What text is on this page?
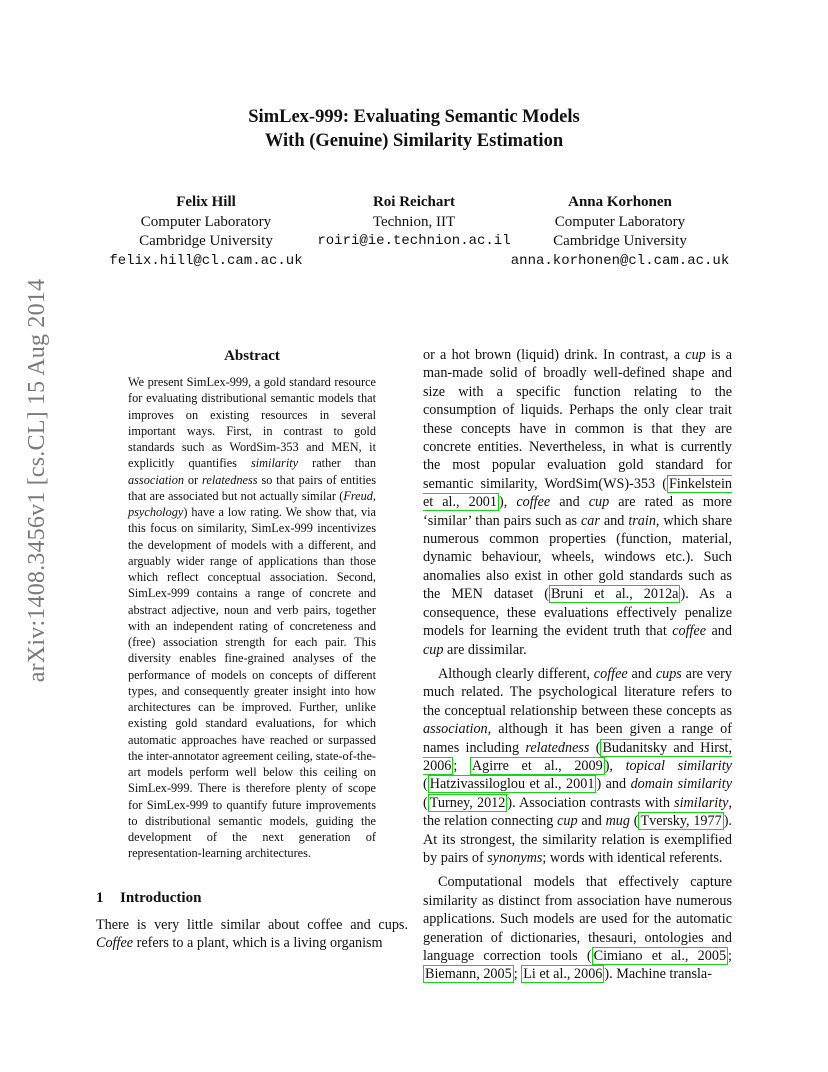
arXiv:1408.3456v1 [cs.CL] 15 Aug 2014
SimLex-999: Evaluating Semantic Models
With (Genuine) Similarity Estimation
Felix Hill
Computer Laboratory
Cambridge University
felix.hill@cl.cam.ac.uk
Roi Reichart
Technion, IIT
roiri@ie.technion.ac.il
Anna Korhonen
Computer Laboratory
Cambridge University
anna.korhonen@cl.cam.ac.uk
Abstract

We present SimLex-999, a gold standard resource for evaluating distributional semantic models that improves on existing resources in several important ways. First, in contrast to gold standards such as WordSim-353 and MEN, it explicitly quantifies similarity rather than association or relatedness so that pairs of entities that are associated but not actually similar (Freud, psychology) have a low rating. We show that, via this focus on similarity, SimLex-999 incentivizes the development of models with a different, and arguably wider range of applications than those which reflect conceptual association. Second, SimLex-999 contains a range of concrete and abstract adjective, noun and verb pairs, together with an independent rating of concreteness and (free) association strength for each pair. This diversity enables fine-grained analyses of the performance of models on concepts of different types, and consequently greater insight into how architectures can be improved. Further, unlike existing gold standard evaluations, for which automatic approaches have reached or surpassed the inter-annotator agreement ceiling, state-of-the-art models perform well below this ceiling on SimLex-999. There is therefore plenty of scope for SimLex-999 to quantify future improvements to distributional semantic models, guiding the development of the next generation of representation-learning architectures.

1 Introduction

There is very little similar about coffee and cups. Coffee refers to a plant, which is a living organism

or a hot brown (liquid) drink. In contrast, a cup is a man-made solid of broadly well-defined shape and size with a specific function relating to the consumption of liquids. Perhaps the only clear trait these concepts have in common is that they are concrete entities. Nevertheless, in what is currently the most popular evaluation gold standard for semantic similarity, WordSim(WS)-353 ( Finkelstein et al., 2001 ), coffee and cup are rated as more ‘similar’ than pairs such as car and train, which share numerous common properties (function, material, dynamic behaviour, wheels, windows etc.). Such anomalies also exist in other gold standards such as the MEN dataset ( Bruni et al., 2012a ). As a consequence, these evaluations effectively penalize models for learning the evident truth that coffee and cup are dissimilar.

Although clearly different, coffee and cups are very much related. The psychological literature refers to the conceptual relationship between these concepts as association, although it has been given a range of names including relatedness ( Budanitsky and Hirst, 2006 ; Agirre et al., 2009 ), topical similarity ( Hatzivassiloglou et al., 2001 ) and domain similarity ( Turney, 2012 ). Association contrasts with similarity, the relation connecting cup and mug ( Tversky, 1977 ). At its strongest, the similarity relation is exemplified by pairs of synonyms; words with identical referents.

Computational models that effectively capture similarity as distinct from association have numerous applications. Such models are used for the automatic generation of dictionaries, thesauri, ontologies and language correction tools ( Cimiano et al., 2005 ; Biemann, 2005 ; Li et al., 2006 ). Machine transla-
